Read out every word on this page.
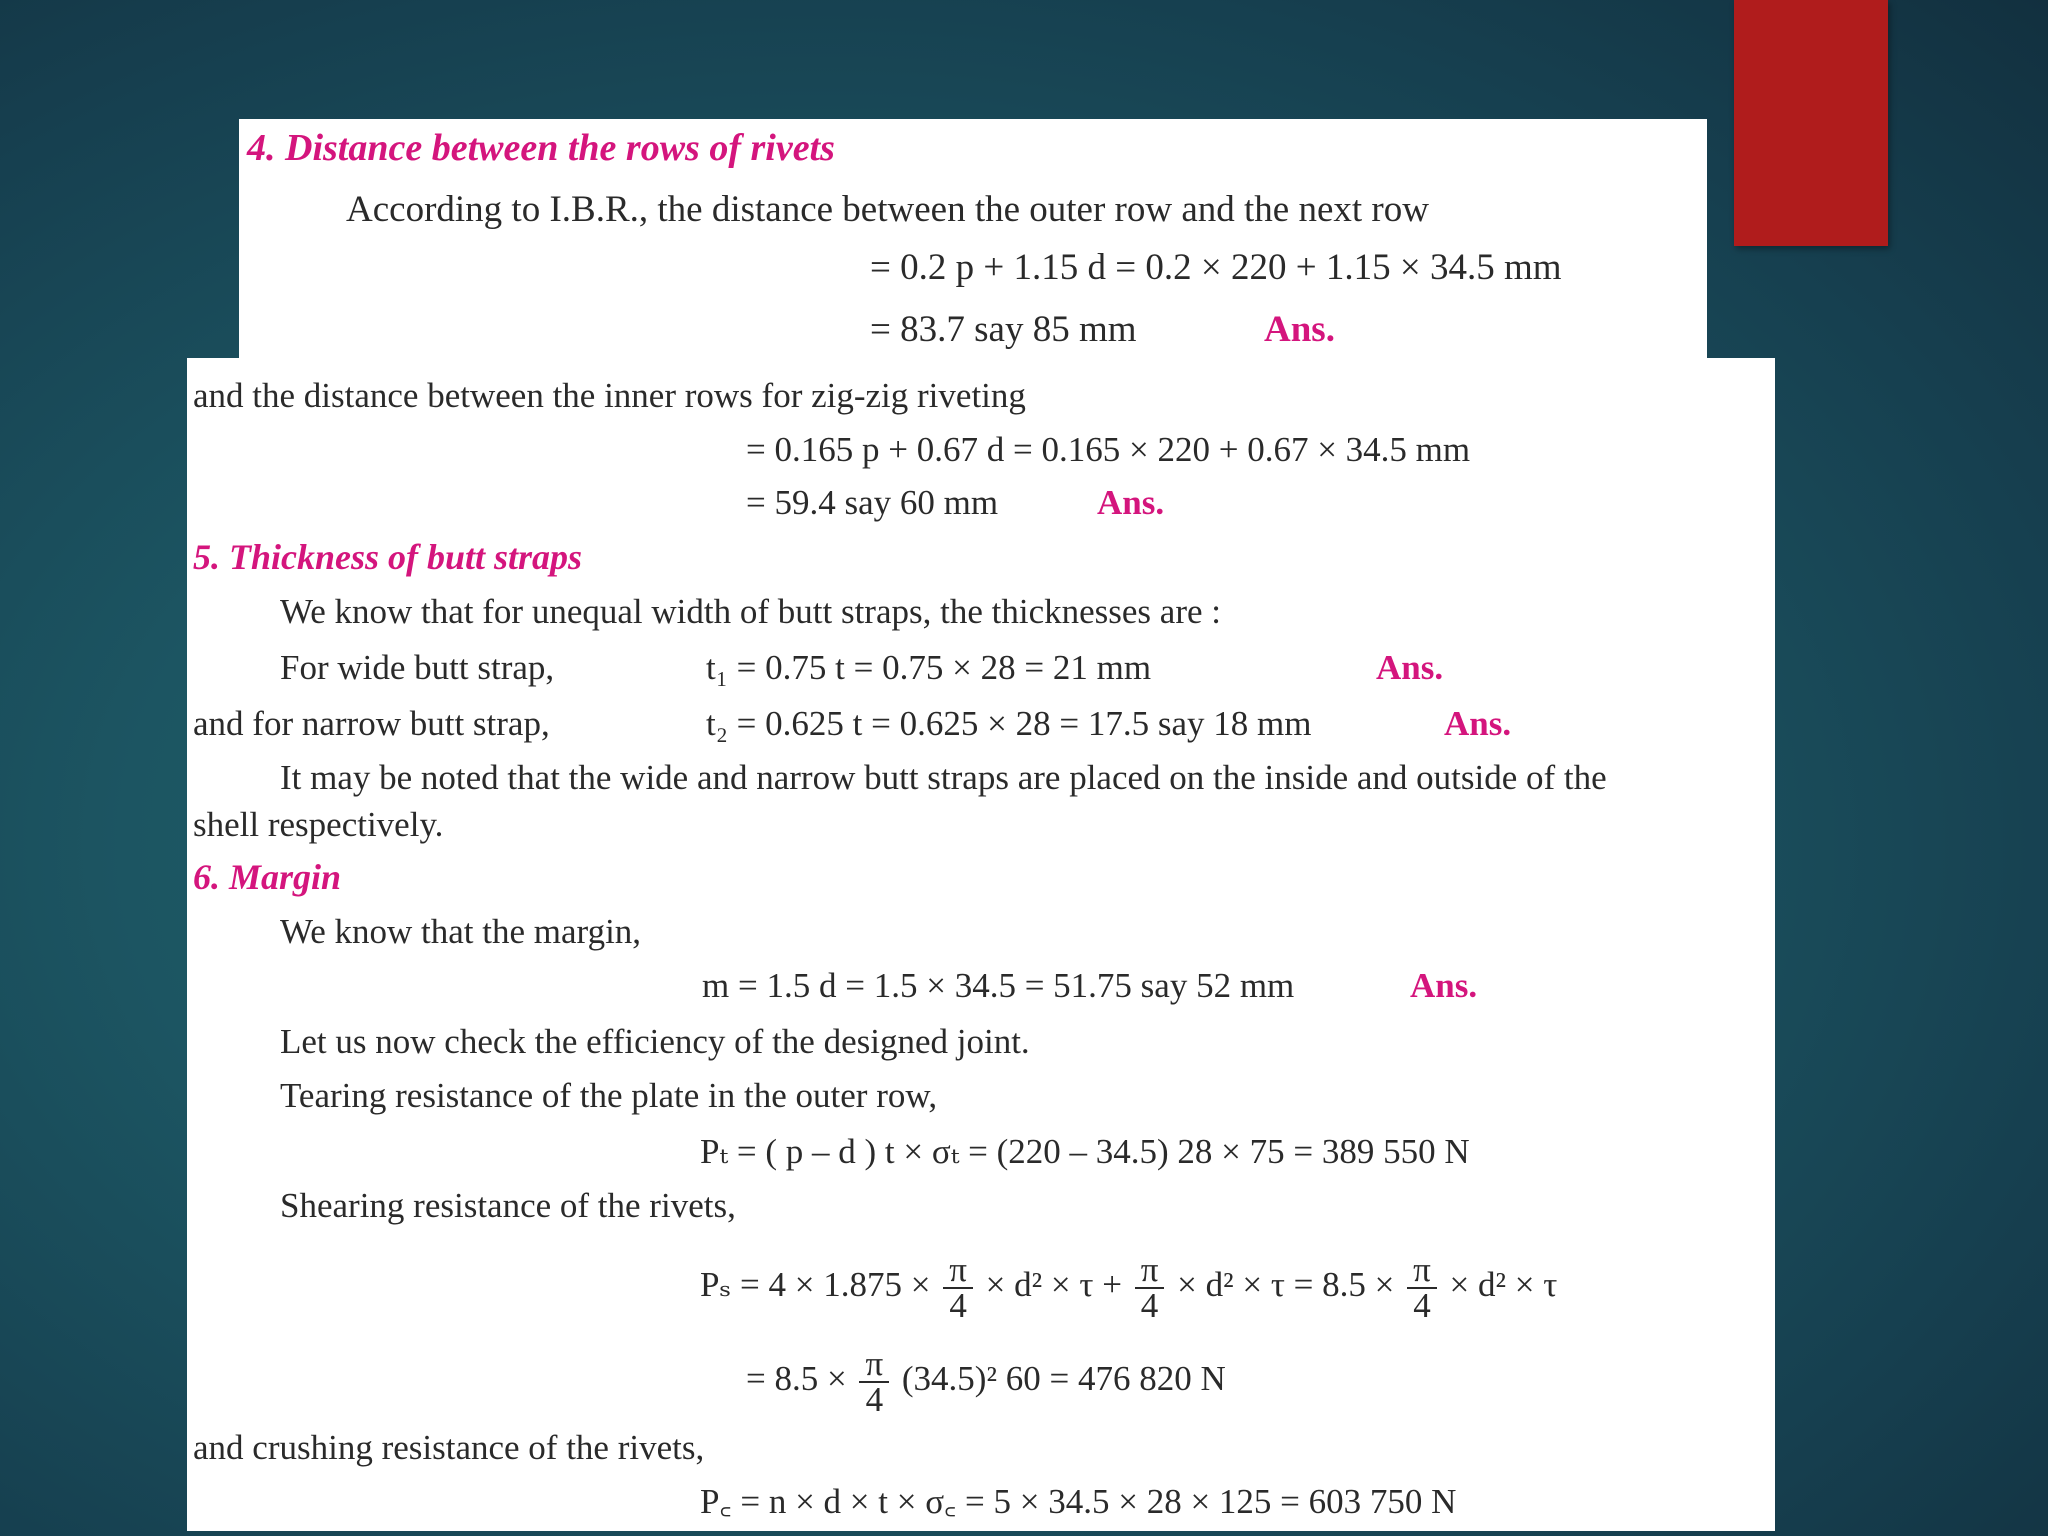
4. Distance between the rows of rivets
According to I.B.R., the distance between the outer row and the next row
= 0.2 p + 1.15 d = 0.2 × 220 + 1.15 × 34.5 mm
= 83.7 say 85 mm	Ans.
and the distance between the inner rows for zig-zig riveting
= 0.165 p + 0.67 d = 0.165 × 220 + 0.67 × 34.5 mm
= 59.4 say 60 mm	Ans.
5. Thickness of butt straps
We know that for unequal width of butt straps, the thicknesses are :
For wide butt strap,	t₁ = 0.75 t = 0.75 × 28 = 21 mm	Ans.
and for narrow butt strap,	t₂ = 0.625 t = 0.625 × 28 = 17.5 say 18 mm	Ans.
It may be noted that the wide and narrow butt straps are placed on the inside and outside of the
shell respectively.
6. Margin
We know that the margin,
m = 1.5 d = 1.5 × 34.5 = 51.75 say 52 mm	Ans.
Let us now check the efficiency of the designed joint.
Tearing resistance of the plate in the outer row,
Pₜ = ( p – d ) t × σₜ = (220 – 34.5) 28 × 75 = 389 550 N
Shearing resistance of the rivets,
$P_s = 4 \times 1.875 \times \frac{\pi}{4} \times d^2 \times \tau + \frac{\pi}{4} \times d^2 \times \tau = 8.5 \times \frac{\pi}{4} \times d^2 \times \tau$
= $8.5 \times \frac{\pi}{4} (34.5)^2$ 60 = 476 820 N
and crushing resistance of the rivets,
P꜀ = n × d × t × σ꜀ = 5 × 34.5 × 28 × 125 = 603 750 N
